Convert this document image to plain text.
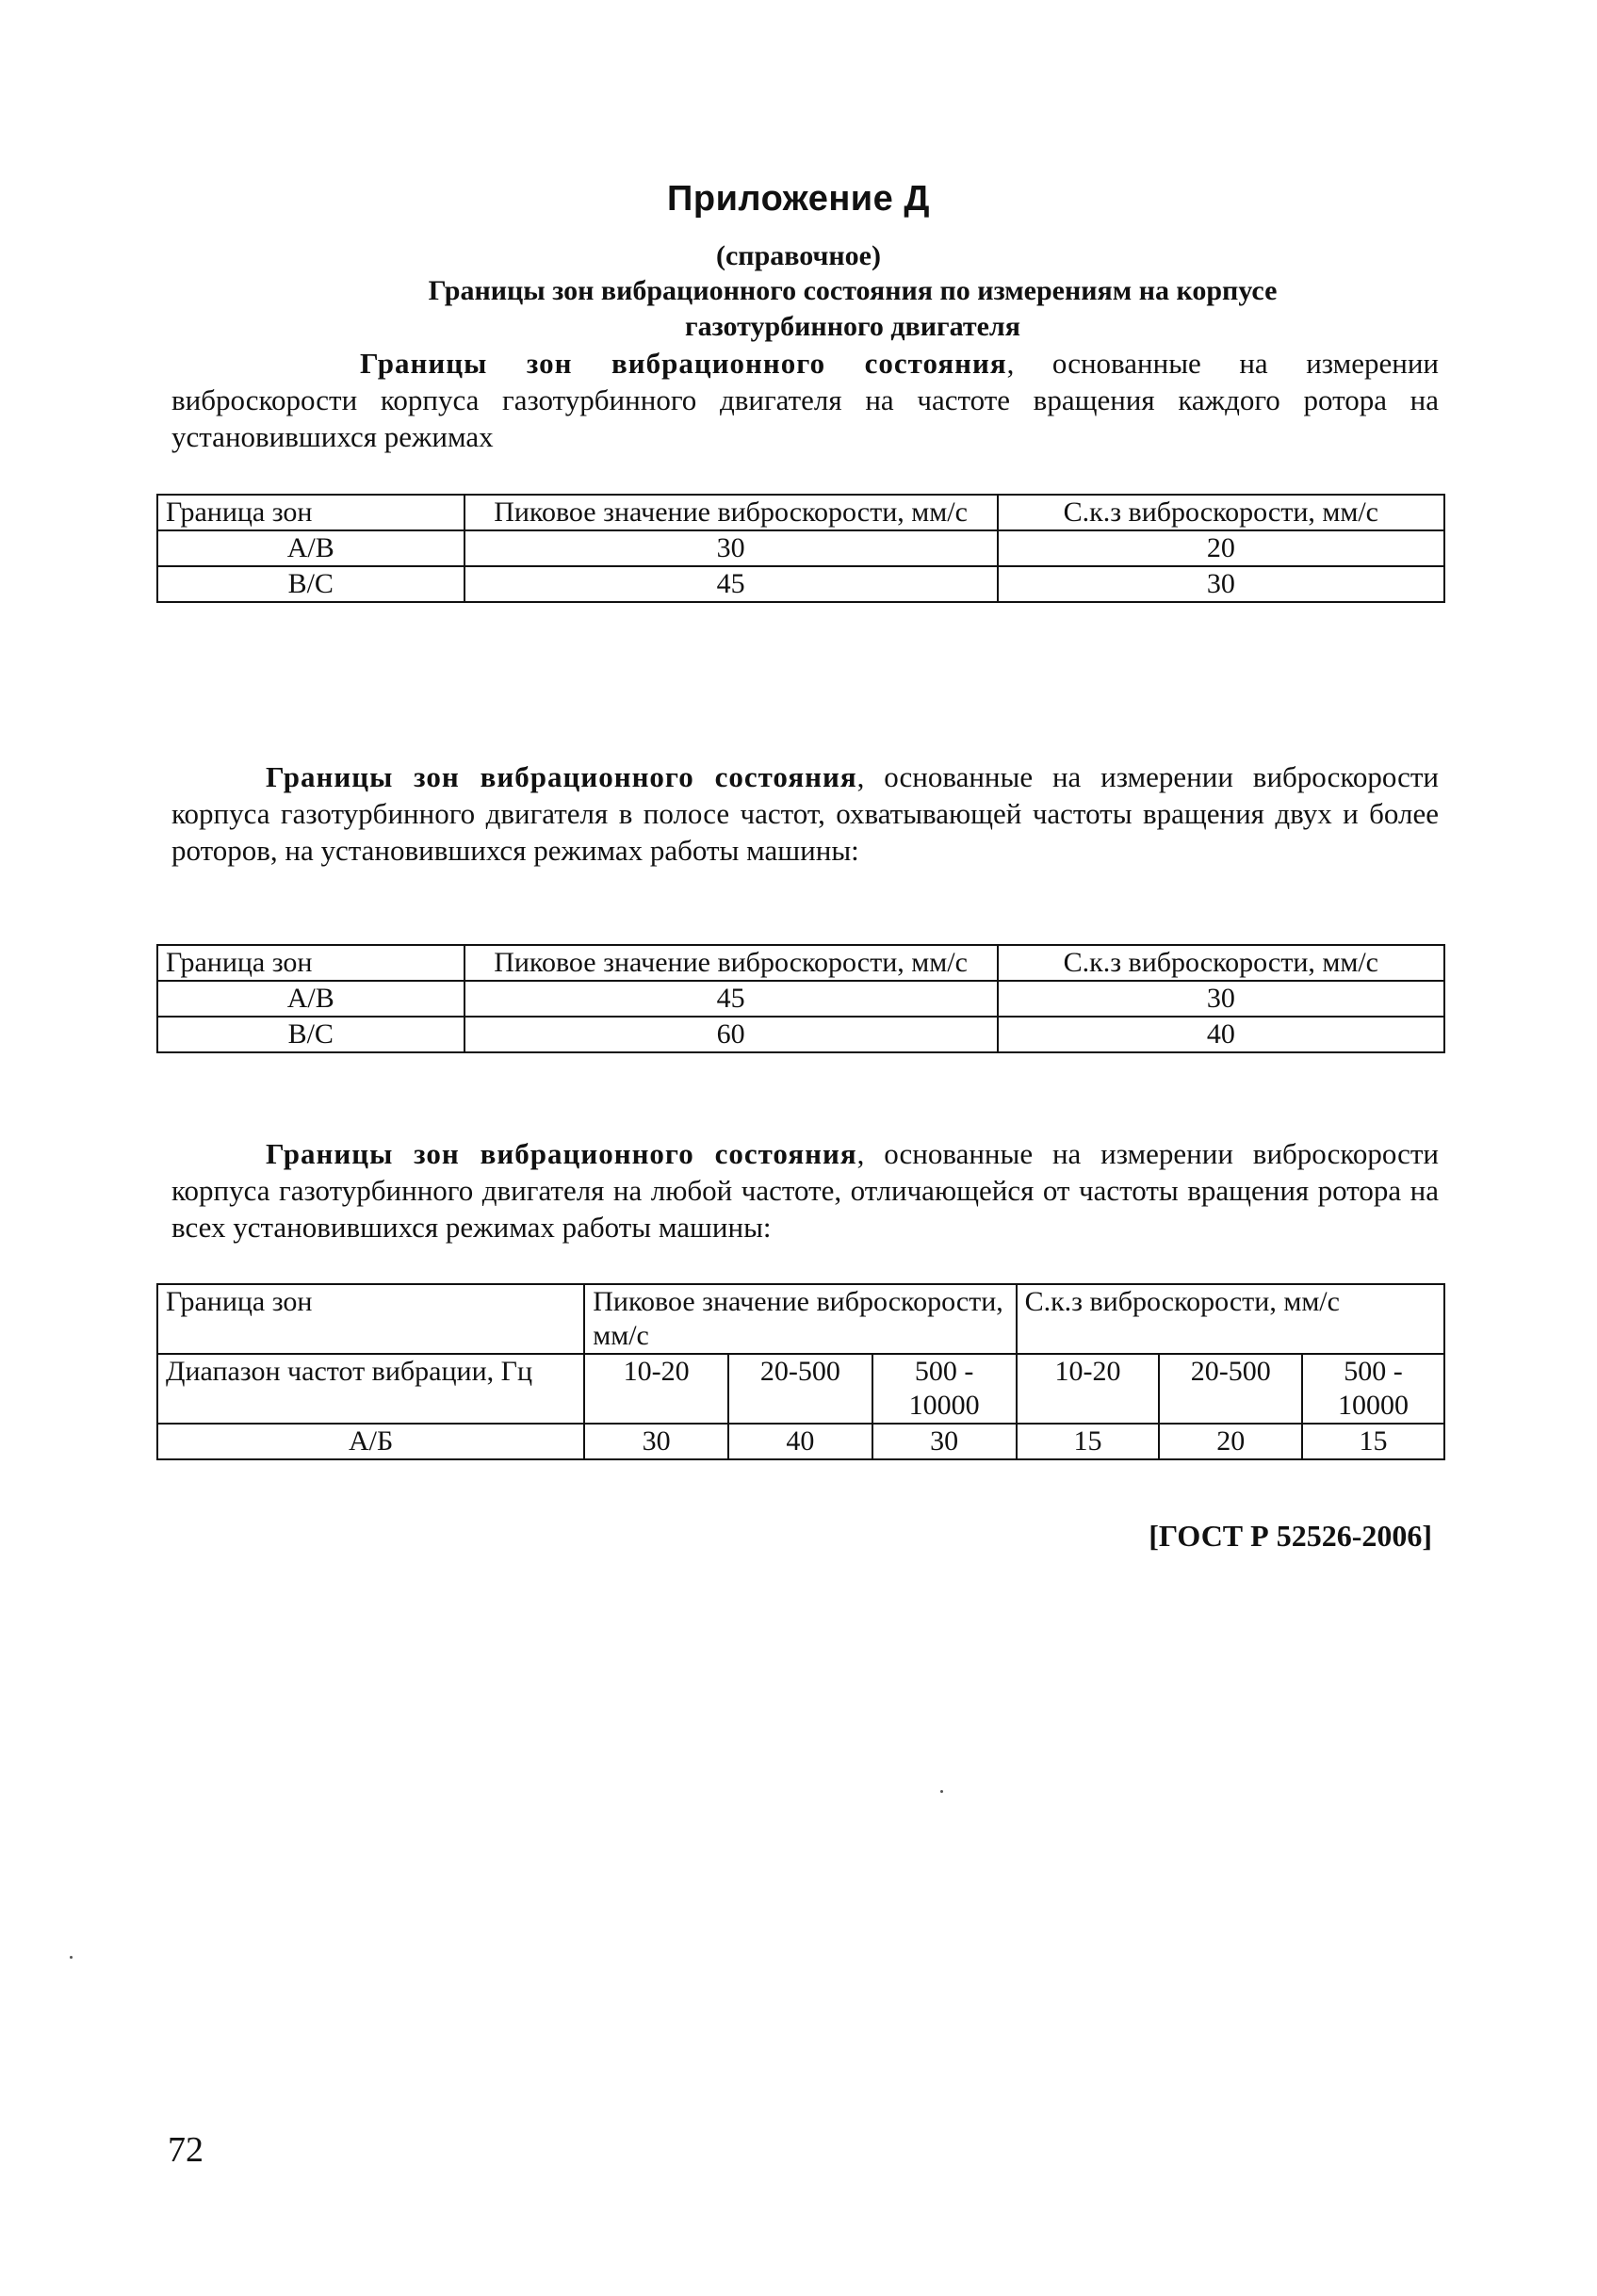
Приложение Д
(справочное)
Границы зон вибрационного состояния по измерениям на корпусе газотурбинного двигателя
Границы зон вибрационного состояния, основанные на измерении виброскорости корпуса газотурбинного двигателя на частоте вращения каждого ротора на установившихся режимах
Граница зон	Пиковое значение виброскорости, мм/с	С.к.з виброскорости, мм/с
A/B	30	20
B/C	45	30
Границы зон вибрационного состояния, основанные на измерении виброскорости корпуса газотурбинного двигателя в полосе частот, охватывающей частоты вращения двух и более роторов, на установившихся режимах работы машины:
Граница зон	Пиковое значение виброскорости, мм/с	С.к.з виброскорости, мм/с
A/B	45	30
B/C	60	40
Границы зон вибрационного состояния, основанные на измерении виброскорости корпуса газотурбинного двигателя на любой частоте, отличающейся от частоты вращения ротора на всех установившихся режимах работы машины:
Граница зон	Пиковое значение виброскорости, мм/с			С.к.з виброскорости, мм/с		
Диапазон частот вибрации, Гц	10-20	20-500	500 - 10000	10-20	20-500	500 - 10000
А/Б	30	40	30	15	20	15
[ГОСТ Р 52526-2006]
72
